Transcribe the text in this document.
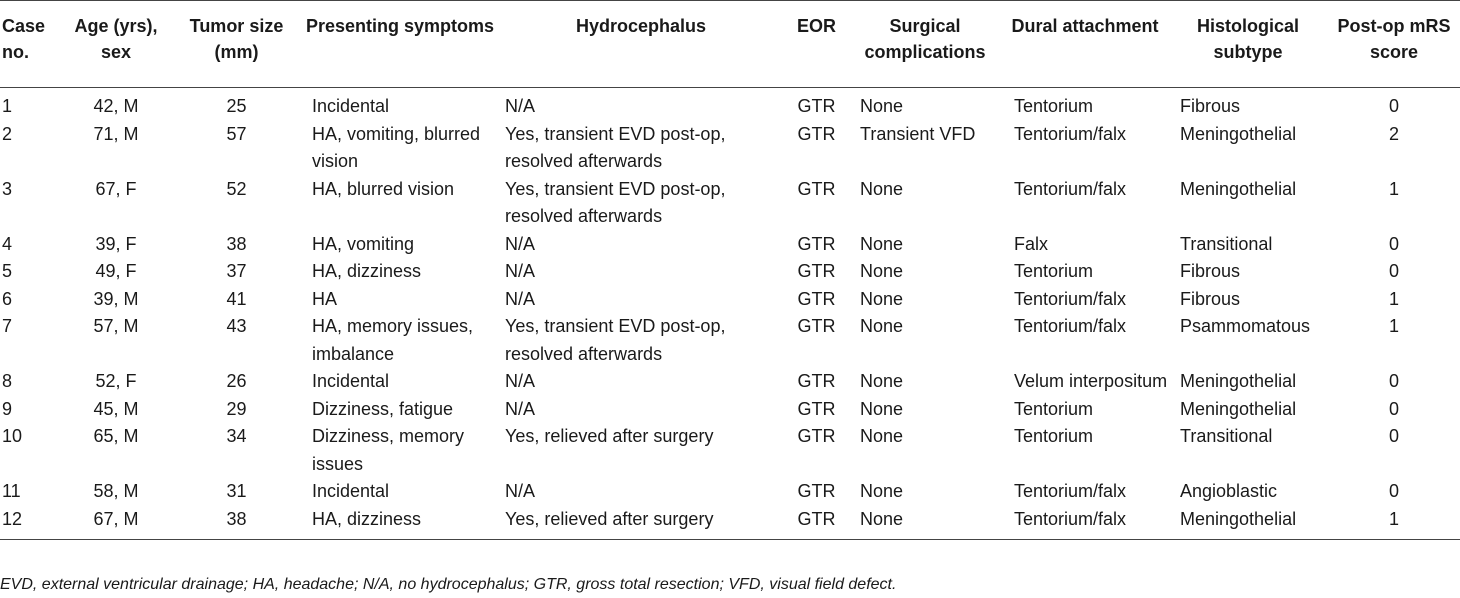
Case no.	Age (yrs), sex	Tumor size (mm)	Presenting symptoms	Hydrocephalus	EOR	Surgical complications	Dural attachment	Histological subtype	Post-op mRS score
1	42, M	25	Incidental	N/A	GTR	None	Tentorium	Fibrous	0
2	71, M	57	HA, vomiting, blurred vision	Yes, transient EVD post-op, resolved afterwards	GTR	Transient VFD	Tentorium/falx	Meningothelial	2
3	67, F	52	HA, blurred vision	Yes, transient EVD post-op, resolved afterwards	GTR	None	Tentorium/falx	Meningothelial	1
4	39, F	38	HA, vomiting	N/A	GTR	None	Falx	Transitional	0
5	49, F	37	HA, dizziness	N/A	GTR	None	Tentorium	Fibrous	0
6	39, M	41	HA	N/A	GTR	None	Tentorium/falx	Fibrous	1
7	57, M	43	HA, memory issues, imbalance	Yes, transient EVD post-op, resolved afterwards	GTR	None	Tentorium/falx	Psammomatous	1
8	52, F	26	Incidental	N/A	GTR	None	Velum interpositum	Meningothelial	0
9	45, M	29	Dizziness, fatigue	N/A	GTR	None	Tentorium	Meningothelial	0
10	65, M	34	Dizziness, memory issues	Yes, relieved after surgery	GTR	None	Tentorium	Transitional	0
11	58, M	31	Incidental	N/A	GTR	None	Tentorium/falx	Angioblastic	0
12	67, M	38	HA, dizziness	Yes, relieved after surgery	GTR	None	Tentorium/falx	Meningothelial	1
EVD, external ventricular drainage; HA, headache; N/A, no hydrocephalus; GTR, gross total resection; VFD, visual field defect.
